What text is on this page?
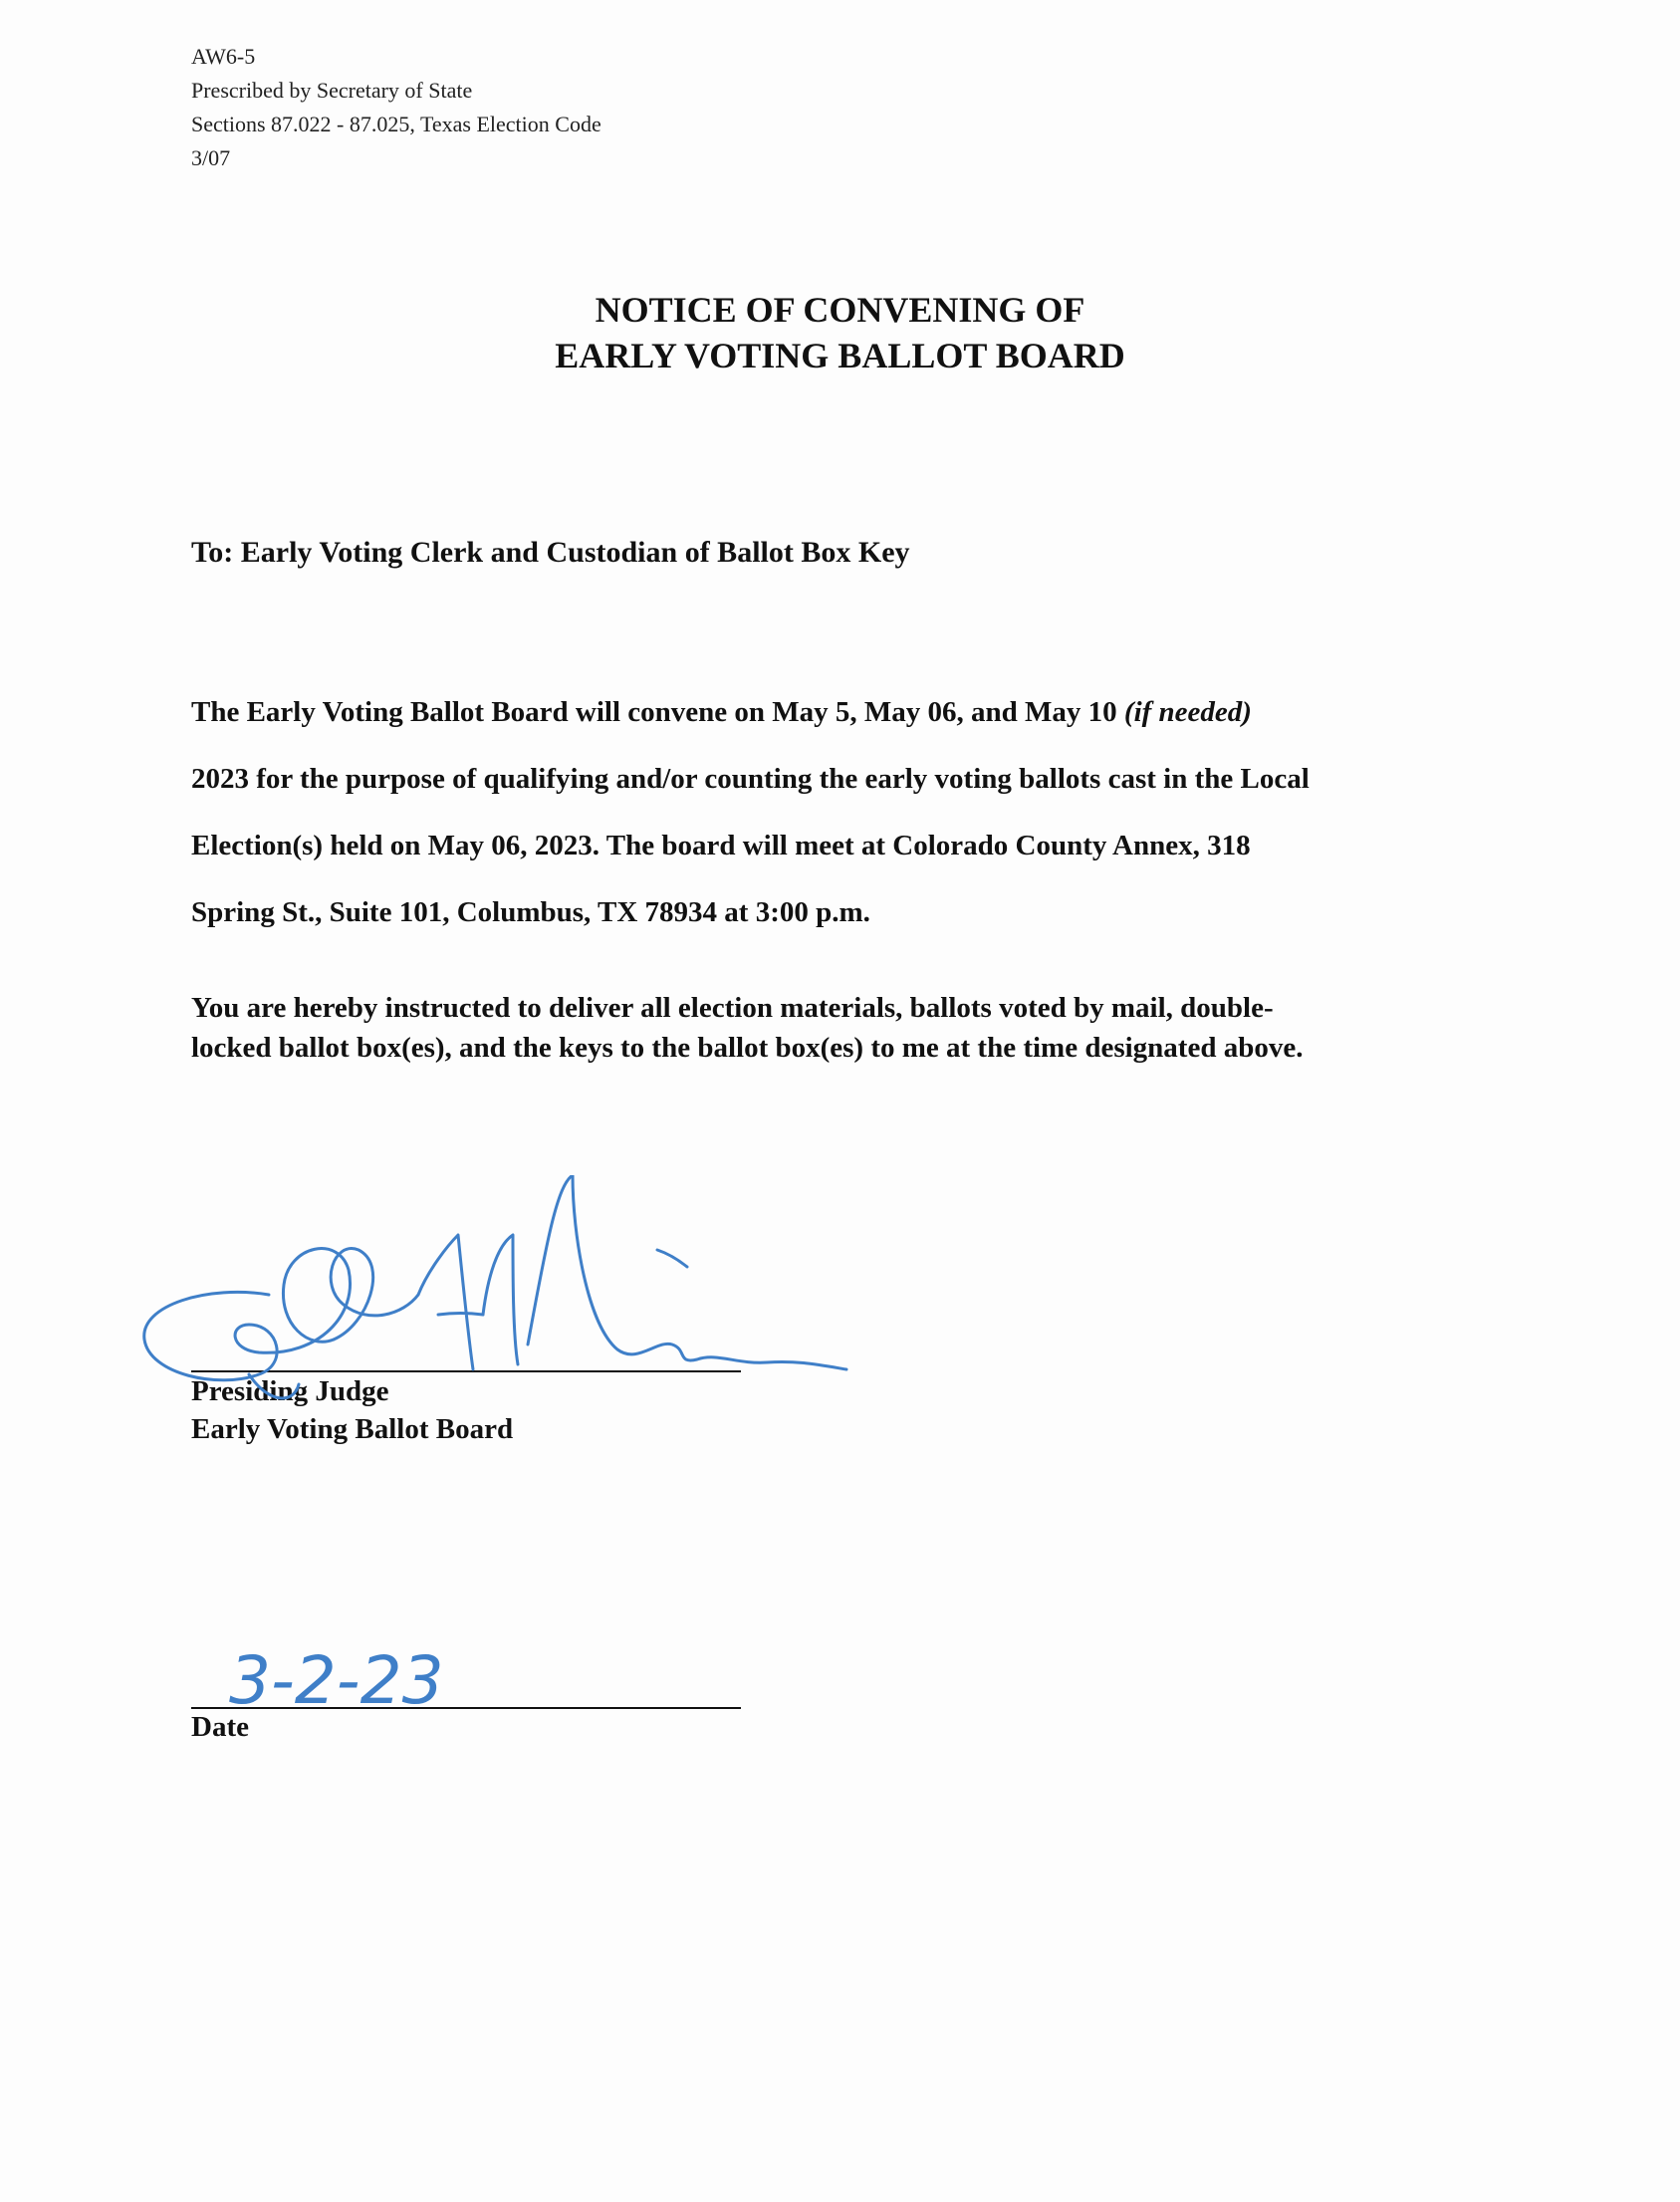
AW6-5
Prescribed by Secretary of State
Sections 87.022 - 87.025, Texas Election Code
3/07
NOTICE OF CONVENING OF
EARLY VOTING BALLOT BOARD
To: Early Voting Clerk and Custodian of Ballot Box Key
The Early Voting Ballot Board will convene on May 5, May 06, and May 10 (if needed)
2023 for the purpose of qualifying and/or counting the early voting ballots cast in the Local
Election(s) held on May 06, 2023. The board will meet at Colorado County Annex, 318
Spring St., Suite 101, Columbus, TX 78934 at 3:00 p.m.
You are hereby instructed to deliver all election materials, ballots voted by mail, double-
locked ballot box(es), and the keys to the ballot box(es) to me at the time designated above.
Presiding Judge
Early Voting Ballot Board
Date
3-2-23
